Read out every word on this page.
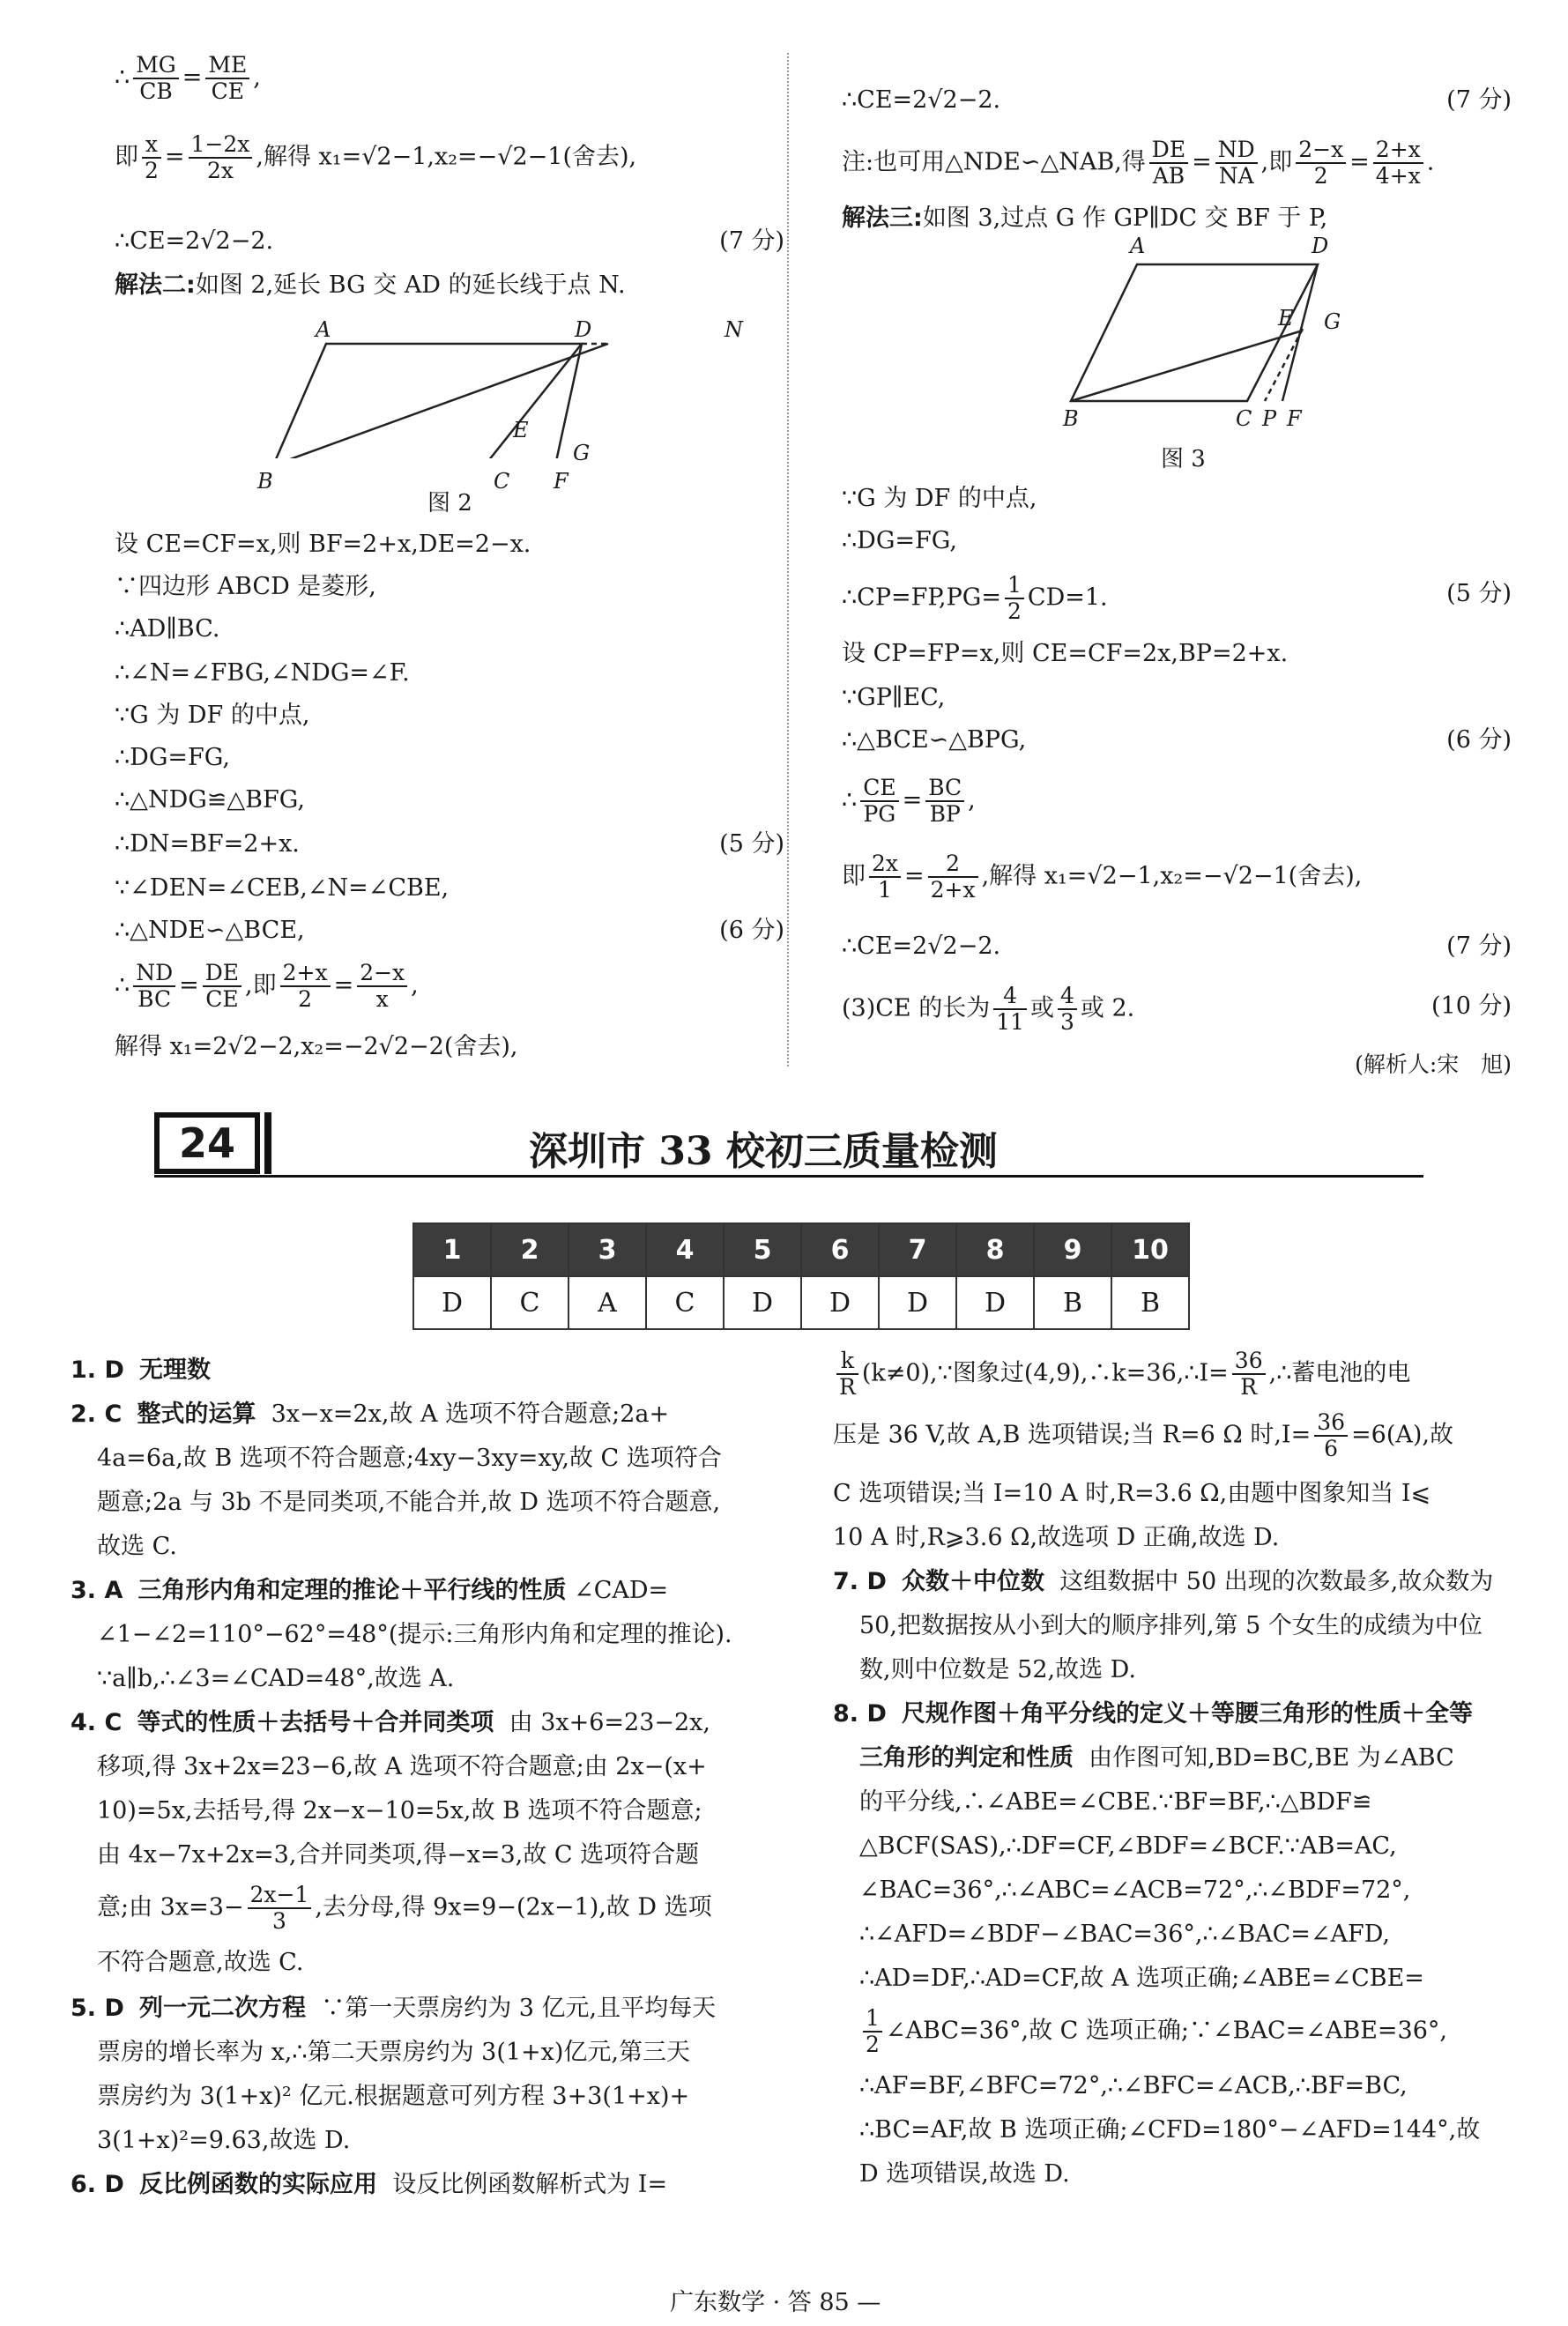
∴ $\frac{MG}{CB} = \frac{ME}{CE}$ ,
即 $\frac{x}{2} = \frac{1-2x}{2x}$ ,解得 x₁=√2−1,x₂=−√2−1(舍去),
∴CE=2√2−2.	(7 分)
解法二:如图 2,延长 BG 交 AD 的延长线于点 N.
A	D	N
E
G
B	C F
图 2
设 CE=CF=x,则 BF=2+x,DE=2−x.
∵四边形 ABCD 是菱形,
∴AD∥BC.
∴∠N=∠FBG,∠NDG=∠F.
∵G 为 DF 的中点,
∴DG=FG,
∴△NDG≌△BFG,
∴DN=BF=2+x.	(5 分)
∵∠DEN=∠CEB,∠N=∠CBE,
∴△NDE∽△BCE,	(6 分)
∴ $\frac{ND}{BC} = \frac{DE}{CE}$ ,即 $\frac{2+x}{2} = \frac{2-x}{x}$ ,
解得 x₁=2√2−2,x₂=−2√2−2(舍去),
∴CE=2√2−2.	(7 分)
注:也可用△NDE∽△NAB,得 $\frac{DE}{AB} = \frac{ND}{NA}$ ,即 $\frac{2-x}{2} = \frac{2+x}{4+x}$ .
解法三:如图 3,过点 G 作 GP∥DC 交 BF 于 P,
A	D
E G
B	C P F
图 3
∵G 为 DF 的中点,
∴DG=FG,
∴CP=FP,PG= $\frac{1}{2} CD=1$.	(5 分)
设 CP=FP=x,则 CE=CF=2x,BP=2+x.
∵GP∥EC,
∴△BCE∽△BPG,	(6 分)
∴ $\frac{CE}{PG} = \frac{BC}{BP}$ ,
即 $\frac{2x}{1} = \frac{2}{2+x}$ ,解得 x₁=√2−1,x₂=−√2−1(舍去),
∴CE=2√2−2.	(7 分)
(3)CE 的长为 $\frac{4}{11}$ 或 $\frac{4}{3}$ 或 2.	(10 分)
(解析人:宋　旭)
24	深圳市 33 校初三质量检测
1	2	3	4	5	6	7	8	9	10
D	C	A	C	D	D	D	D	B	B
1. D 无理数
2. C 整式的运算 3x−x=2x,故 A 选项不符合题意;2a+
4a=6a,故 B 选项不符合题意;4xy−3xy=xy,故 C 选项符合
题意;2a 与 3b 不是同类项,不能合并,故 D 选项不符合题意,
故选 C.
3. A 三角形内角和定理的推论＋平行线的性质 ∠CAD=
∠1−∠2=110°−62°=48°(提示:三角形内角和定理的推论).
∵a∥b,∴∠3=∠CAD=48°,故选 A.
4. C 等式的性质＋去括号＋合并同类项 由 3x+6=23−2x,
移项,得 3x+2x=23−6,故 A 选项不符合题意;由 2x−(x+
10)=5x,去括号,得 2x−x−10=5x,故 B 选项不符合题意;
由 4x−7x+2x=3,合并同类项,得−x=3,故 C 选项符合题
意;由 $3x=3- \frac{2x-1}{3}$ ,去分母,得 9x=9−(2x−1),故 D 选项
不符合题意,故选 C.
5. D 列一元二次方程 ∵第一天票房约为 3 亿元,且平均每天
票房的增长率为 x,∴第二天票房约为 3(1+x)亿元,第三天
票房约为 3(1+x)² 亿元.根据题意可列方程 3+3(1+x)+
3(1+x)²=9.63,故选 D.
6. D 反比例函数的实际应用 设反比例函数解析式为 I=
$\frac{k}{R}$ (k≠0),∵图象过(4,9),∴k=36,∴I= $\frac{36}{R}$ ,∴蓄电池的电
压是 36 V,故 A,B 选项错误;当 R=6 Ω 时$,I= \frac{36}{6} =6(A)$,故
C 选项错误;当 I=10 A 时,R=3.6 Ω,由题中图象知当 I⩽
10 A 时,R⩾3.6 Ω,故选项 D 正确,故选 D.
7. D 众数＋中位数 这组数据中 50 出现的次数最多,故众数为
50,把数据按从小到大的顺序排列,第 5 个女生的成绩为中位
数,则中位数是 52,故选 D.
8. D 尺规作图＋角平分线的定义＋等腰三角形的性质＋全等
三角形的判定和性质 由作图可知,BD=BC,BE 为∠ABC
的平分线,∴∠ABE=∠CBE.∵BF=BF,∴△BDF≌
△BCF(SAS),∴DF=CF,∠BDF=∠BCF.∵AB=AC,
∠BAC=36°,∴∠ABC=∠ACB=72°,∴∠BDF=72°,
∴∠AFD=∠BDF−∠BAC=36°,∴∠BAC=∠AFD,
∴AD=DF,∴AD=CF,故 A 选项正确;∠ABE=∠CBE=
$\frac{1}{2}$ ∠ABC=36°,故 C 选项正确;∵∠BAC=∠ABE=36°,
∴AF=BF,∠BFC=72°,∴∠BFC=∠ACB,∴BF=BC,
∴BC=AF,故 B 选项正确;∠CFD=180°−∠AFD=144°,故
D 选项错误,故选 D.
广东数学 · 答 85 —
